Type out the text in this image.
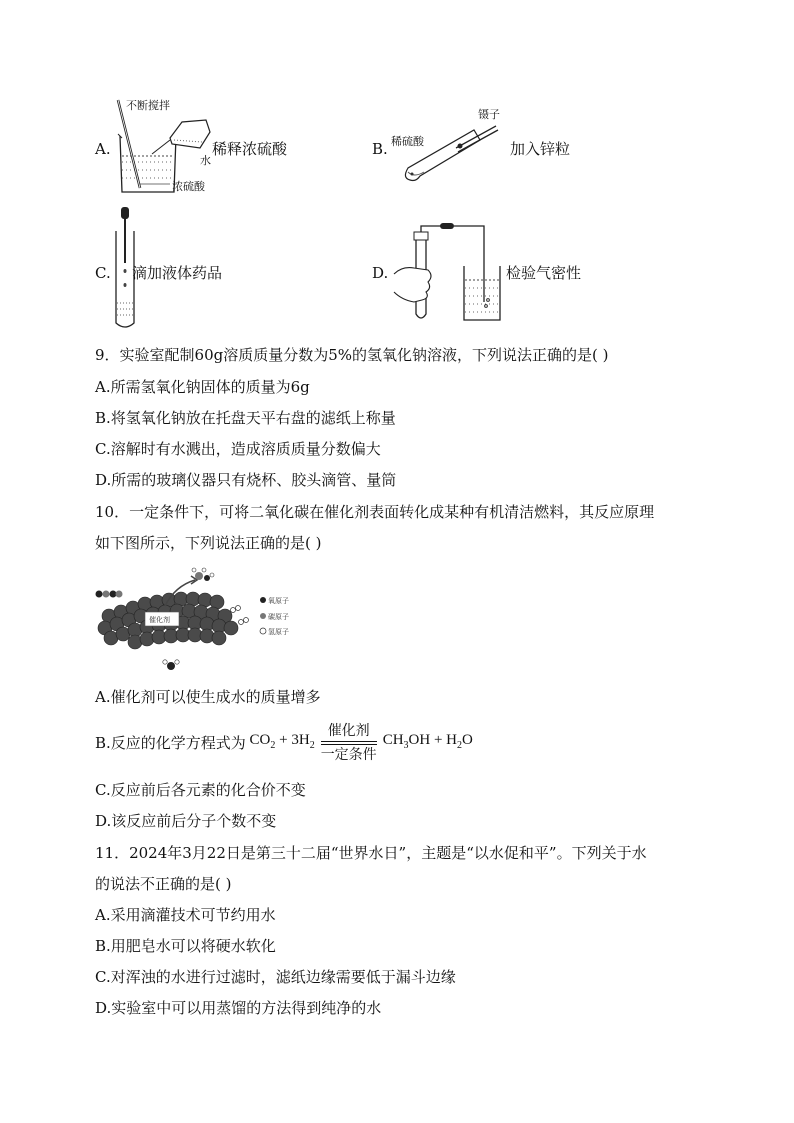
A.
不断搅拌
水
浓硫酸
稀释浓硫酸	B. 稀硫酸
镊子
加入锌粒
C. 滴加液体药品	D.	检验气密性
9．实验室配制60g溶质质量分数为5%的氢氧化钠溶液，下列说法正确的是( )
A.所需氢氧化钠固体的质量为6g
B.将氢氧化钠放在托盘天平右盘的滤纸上称量
C.溶解时有水溅出，造成溶质质量分数偏大
D.所需的玻璃仪器只有烧杯、胶头滴管、量筒
10．一定条件下，可将二氧化碳在催化剂表面转化成某种有机清洁燃料，其反应原理
如下图所示，下列说法正确的是( )
催化剂
氧原子
碳原子
氢原子
A.催化剂可以使生成水的质量增多
B.反应的化学方程式为 $CO_2 + 3H_2 \frac{\text{催化剂}}{\text{一定条件}} CH_3OH + H_2O$
C.反应前后各元素的化合价不变
D.该反应前后分子个数不变
11．2024年3月22日是第三十二届“世界水日”，主题是“以水促和平”。下列关于水
的说法不正确的是( )
A.采用滴灌技术可节约用水
B.用肥皂水可以将硬水软化
C.对浑浊的水进行过滤时，滤纸边缘需要低于漏斗边缘
D.实验室中可以用蒸馏的方法得到纯净的水
